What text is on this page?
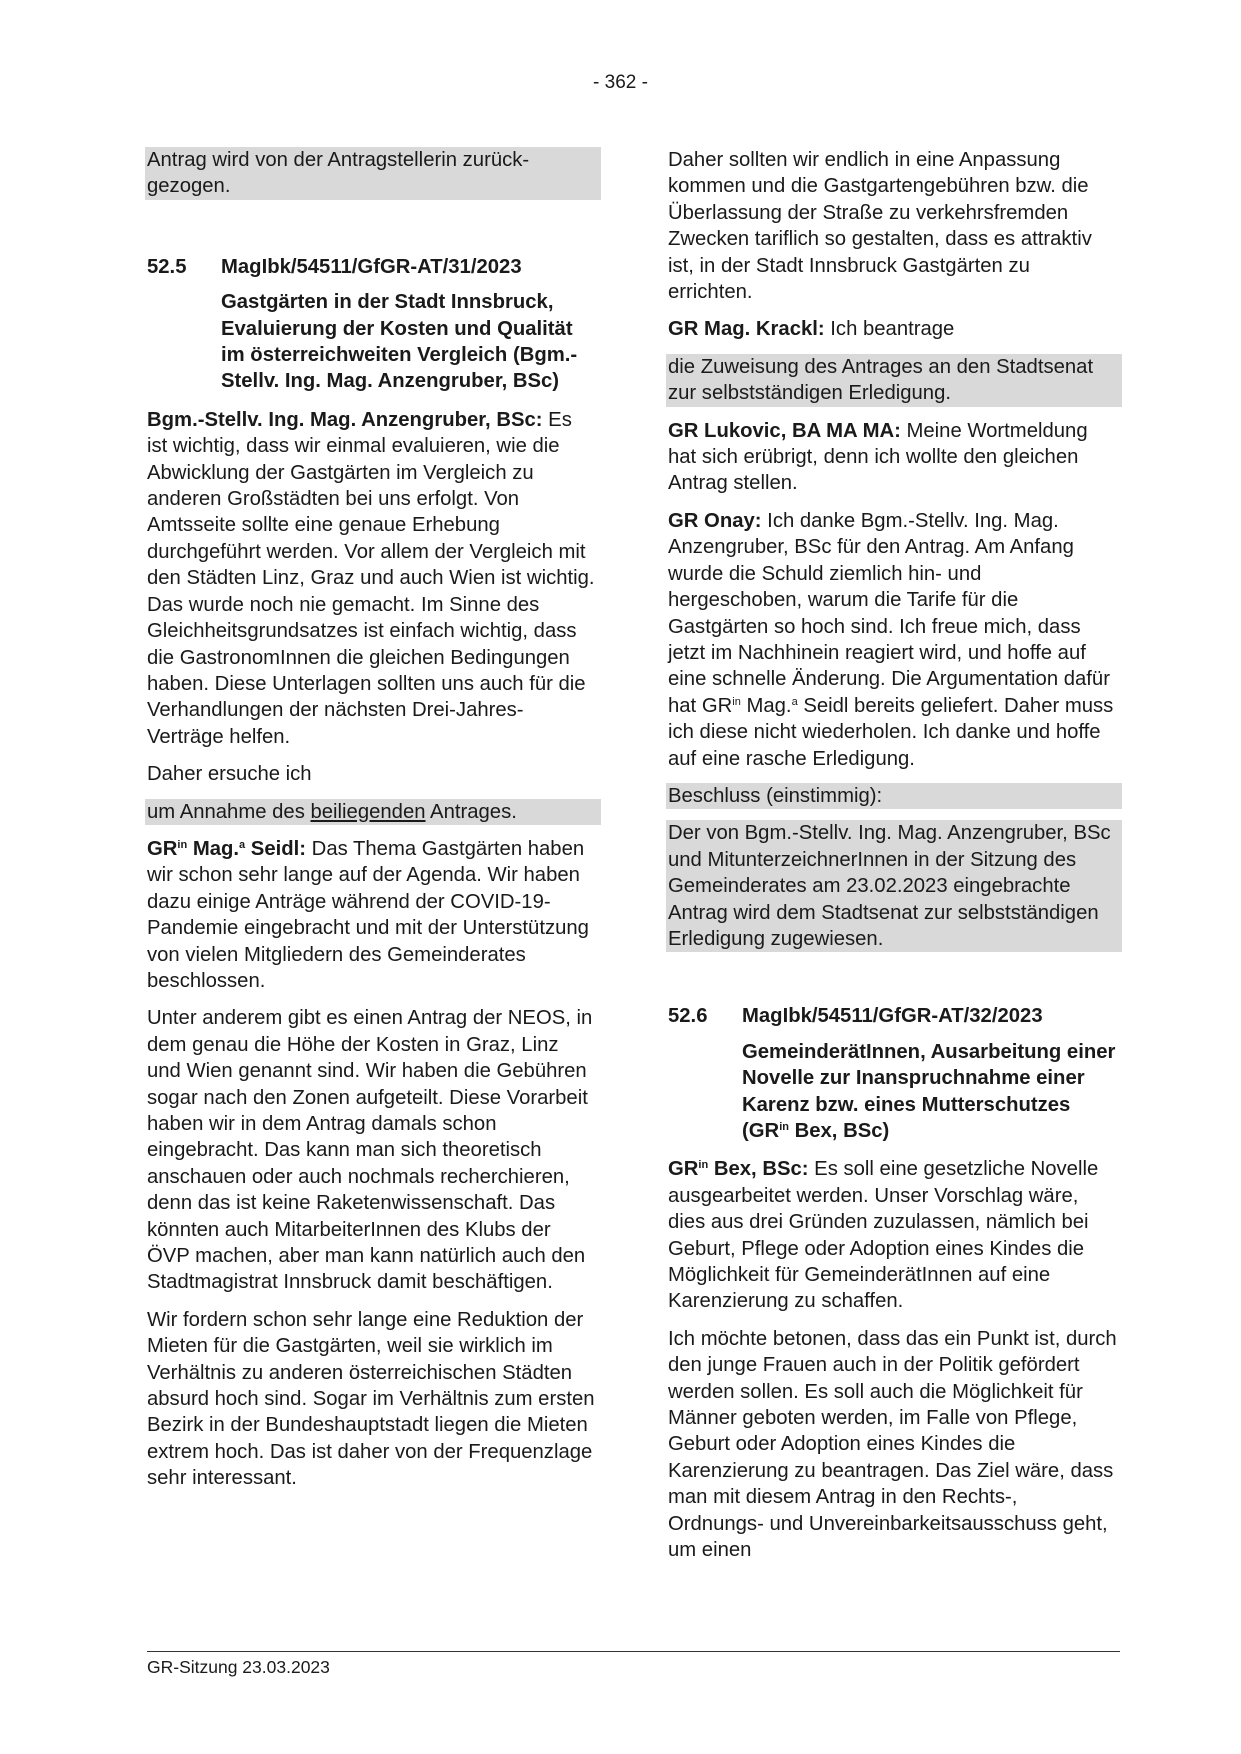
- 362 -

Antrag wird von der Antragstellerin zurückgezogen.

52.5	MagIbk/54511/GfGR-AT/31/2023

Gastgärten in der Stadt Innsbruck, Evaluierung der Kosten und Qualität im österreichweiten Vergleich (Bgm.-Stellv. Ing. Mag. Anzengruber, BSc)

Bgm.-Stellv. Ing. Mag. Anzengruber, BSc: Es ist wichtig, dass wir einmal evaluieren, wie die Abwicklung der Gastgärten im Vergleich zu anderen Großstädten bei uns erfolgt. Von Amtsseite sollte eine genaue Erhebung durchgeführt werden. Vor allem der Vergleich mit den Städten Linz, Graz und auch Wien ist wichtig. Das wurde noch nie gemacht. Im Sinne des Gleichheitsgrundsatzes ist einfach wichtig, dass die GastronomInnen die gleichen Bedingungen haben. Diese Unterlagen sollten uns auch für die Verhandlungen der nächsten Drei-Jahres-Verträge helfen.

Daher ersuche ich

um Annahme des beiliegenden Antrages.

$GR^{in}$ Mag.$^a$ Seidl: Das Thema Gastgärten haben wir schon sehr lange auf der Agenda. Wir haben dazu einige Anträge während der COVID-19-Pandemie eingebracht und mit der Unterstützung von vielen Mitgliedern des Gemeinderates beschlossen.

Unter anderem gibt es einen Antrag der NEOS, in dem genau die Höhe der Kosten in Graz, Linz und Wien genannt sind. Wir haben die Gebühren sogar nach den Zonen aufgeteilt. Diese Vorarbeit haben wir in dem Antrag damals schon eingebracht. Das kann man sich theoretisch anschauen oder auch nochmals recherchieren, denn das ist keine Raketenwissenschaft. Das könnten auch MitarbeiterInnen des Klubs der ÖVP machen, aber man kann natürlich auch den Stadtmagistrat Innsbruck damit beschäftigen.

Wir fordern schon sehr lange eine Reduktion der Mieten für die Gastgärten, weil sie wirklich im Verhältnis zu anderen österreichischen Städten absurd hoch sind. Sogar im Verhältnis zum ersten Bezirk in der Bundeshauptstadt liegen die Mieten extrem hoch. Das ist daher von der Frequenzlage sehr interessant.

Daher sollten wir endlich in eine Anpassung kommen und die Gastgartengebühren bzw. die Überlassung der Straße zu verkehrsfremden Zwecken tariflich so gestalten, dass es attraktiv ist, in der Stadt Innsbruck Gastgärten zu errichten.

GR Mag. Krackl: Ich beantrage

die Zuweisung des Antrages an den Stadtsenat zur selbstständigen Erledigung.

GR Lukovic, BA MA MA: Meine Wortmeldung hat sich erübrigt, denn ich wollte den gleichen Antrag stellen.

GR Onay: Ich danke Bgm.-Stellv. Ing. Mag. Anzengruber, BSc für den Antrag. Am Anfang wurde die Schuld ziemlich hin- und hergeschoben, warum die Tarife für die Gastgärten so hoch sind. Ich freue mich, dass jetzt im Nachhinein reagiert wird, und hoffe auf eine schnelle Änderung. Die Argumentation dafür hat $GR^{in}$ Mag.$^a$ Seidl bereits geliefert. Daher muss ich diese nicht wiederholen. Ich danke und hoffe auf eine rasche Erledigung.

Beschluss (einstimmig):

Der von Bgm.-Stellv. Ing. Mag. Anzengruber, BSc und MitunterzeichnerInnen in der Sitzung des Gemeinderates am 23.02.2023 eingebrachte Antrag wird dem Stadtsenat zur selbstständigen Erledigung zugewiesen.

52.6	MagIbk/54511/GfGR-AT/32/2023

GemeinderätInnen, Ausarbeitung einer Novelle zur Inanspruchnahme einer Karenz bzw. eines Mutterschutzes ($GR^{in}$ Bex, BSc)

$GR^{in}$ Bex, BSc: Es soll eine gesetzliche Novelle ausgearbeitet werden. Unser Vorschlag wäre, dies aus drei Gründen zuzulassen, nämlich bei Geburt, Pflege oder Adoption eines Kindes die Möglichkeit für GemeinderätInnen auf eine Karenzierung zu schaffen.

Ich möchte betonen, dass das ein Punkt ist, durch den junge Frauen auch in der Politik gefördert werden sollen. Es soll auch die Möglichkeit für Männer geboten werden, im Falle von Pflege, Geburt oder Adoption eines Kindes die Karenzierung zu beantragen. Das Ziel wäre, dass man mit diesem Antrag in den Rechts-, Ordnungs- und Unvereinbarkeitsausschuss geht, um einen

GR-Sitzung 23.03.2023
